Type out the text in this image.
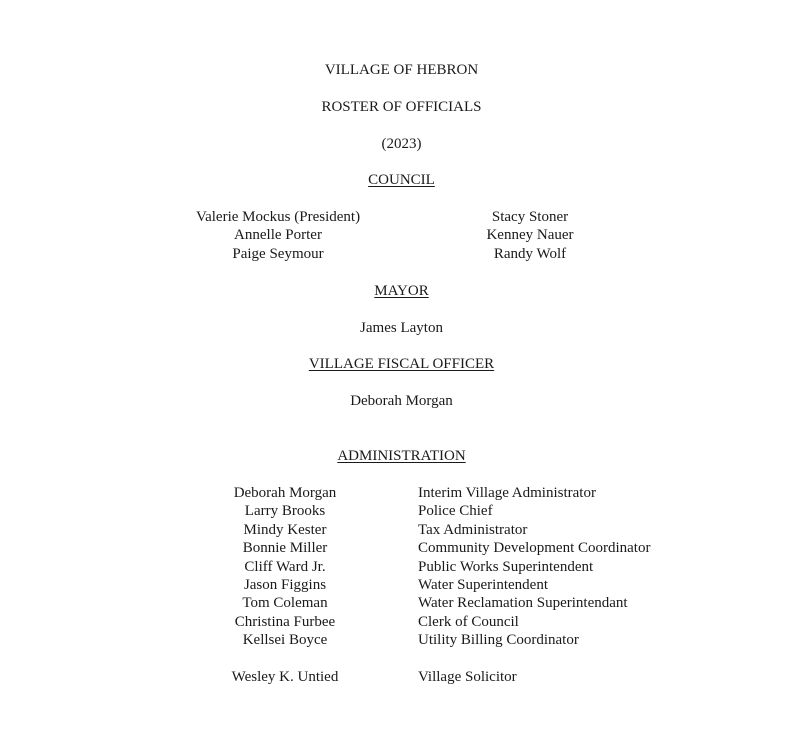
VILLAGE OF HEBRON
ROSTER OF OFFICIALS
(2023)
COUNCIL
Valerie Mockus (President)
Annelle Porter
Paige Seymour
Stacy Stoner
Kenney Nauer
Randy Wolf
MAYOR
James Layton
VILLAGE FISCAL OFFICER
Deborah Morgan
ADMINISTRATION
Deborah Morgan
Larry Brooks
Mindy Kester
Bonnie Miller
Cliff Ward Jr.
Jason Figgins
Tom Coleman
Christina Furbee
Kellsei Boyce
Interim Village Administrator
Police Chief
Tax Administrator
Community Development Coordinator
Public Works Superintendent
Water Superintendent
Water Reclamation Superintendant
Clerk of Council
Utility Billing Coordinator
Wesley K. Untied	Village Solicitor
